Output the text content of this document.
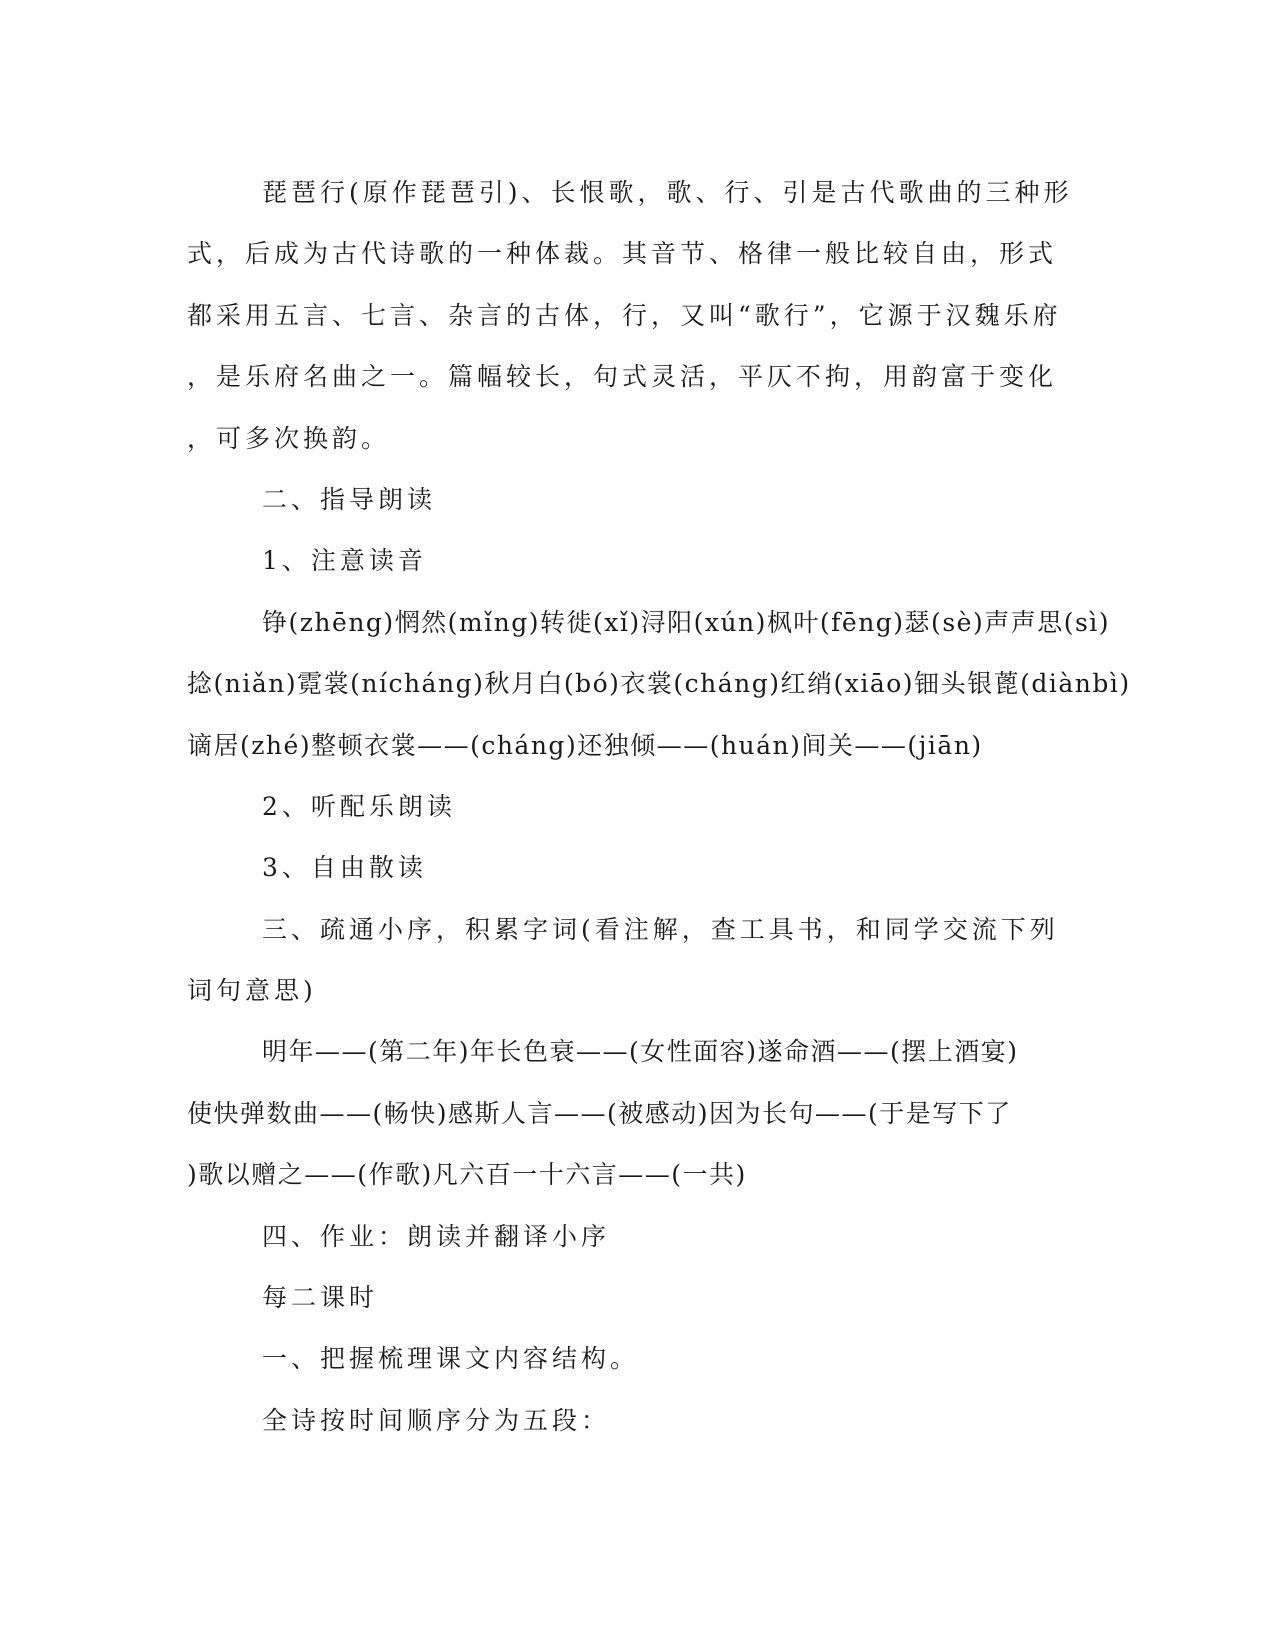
琵琶行(原作琵琶引)、长恨歌，歌、行、引是古代歌曲的三种形
式，后成为古代诗歌的一种体裁。其音节、格律一般比较自由，形式
都采用五言、七言、杂言的古体，行，又叫“歌行”，它源于汉魏乐府
，是乐府名曲之一。篇幅较长，句式灵活，平仄不拘，用韵富于变化
，可多次换韵。
二、指导朗读
1、注意读音
铮(zhēng)惘然(mǐng)转徙(xǐ)浔阳(xún)枫叶(fēng)瑟(sè)声声思(sì)
捻(niǎn)霓裳(nícháng)秋月白(bó)衣裳(cháng)红绡(xiāo)钿头银蓖(diànbì)
谪居(zhé)整顿衣裳——(cháng)还独倾——(huán)间关——(jiān)
2、听配乐朗读
3、自由散读
三、疏通小序，积累字词(看注解，查工具书，和同学交流下列
词句意思)
明年——(第二年)年长色衰——(女性面容)遂命酒——(摆上酒宴)
使快弹数曲——(畅快)感斯人言——(被感动)因为长句——(于是写下了
)歌以赠之——(作歌)凡六百一十六言——(一共)
四、作业：朗读并翻译小序
每二课时
一、把握梳理课文内容结构。
全诗按时间顺序分为五段：
